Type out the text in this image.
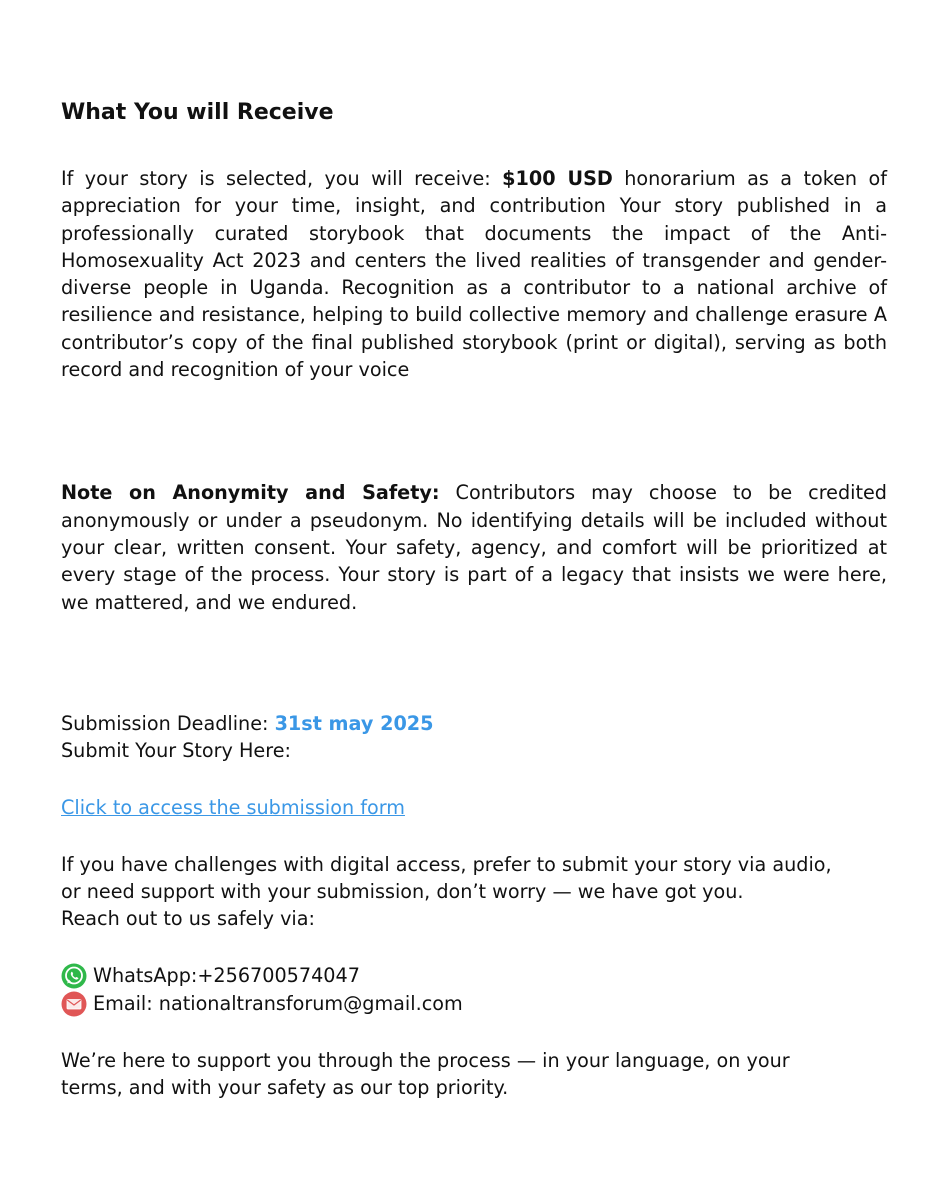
What You will Receive

If your story is selected, you will receive: $100 USD honorarium as a token of appreciation for your time, insight, and contribution Your story published in a professionally curated storybook that documents the impact of the Anti-Homosexuality Act 2023 and centers the lived realities of transgender and gender-diverse people in Uganda. Recognition as a contributor to a national archive of resilience and resistance, helping to build collective memory and challenge erasure A contributor’s copy of the final published storybook (print or digital), serving as both record and recognition of your voice

Note on Anonymity and Safety: Contributors may choose to be credited anonymously or under a pseudonym. No identifying details will be included without your clear, written consent. Your safety, agency, and comfort will be prioritized at every stage of the process. Your story is part of a legacy that insists we were here, we mattered, and we endured.

Submission Deadline: 31st may 2025
Submit Your Story Here:
Click to access the submission form
If you have challenges with digital access, prefer to submit your story via audio,
or need support with your submission, don’t worry — we have got you.
Reach out to us safely via:
WhatsApp:+256700574047
Email: nationaltransforum@gmail.com
We’re here to support you through the process — in your language, on your
terms, and with your safety as our top priority.
